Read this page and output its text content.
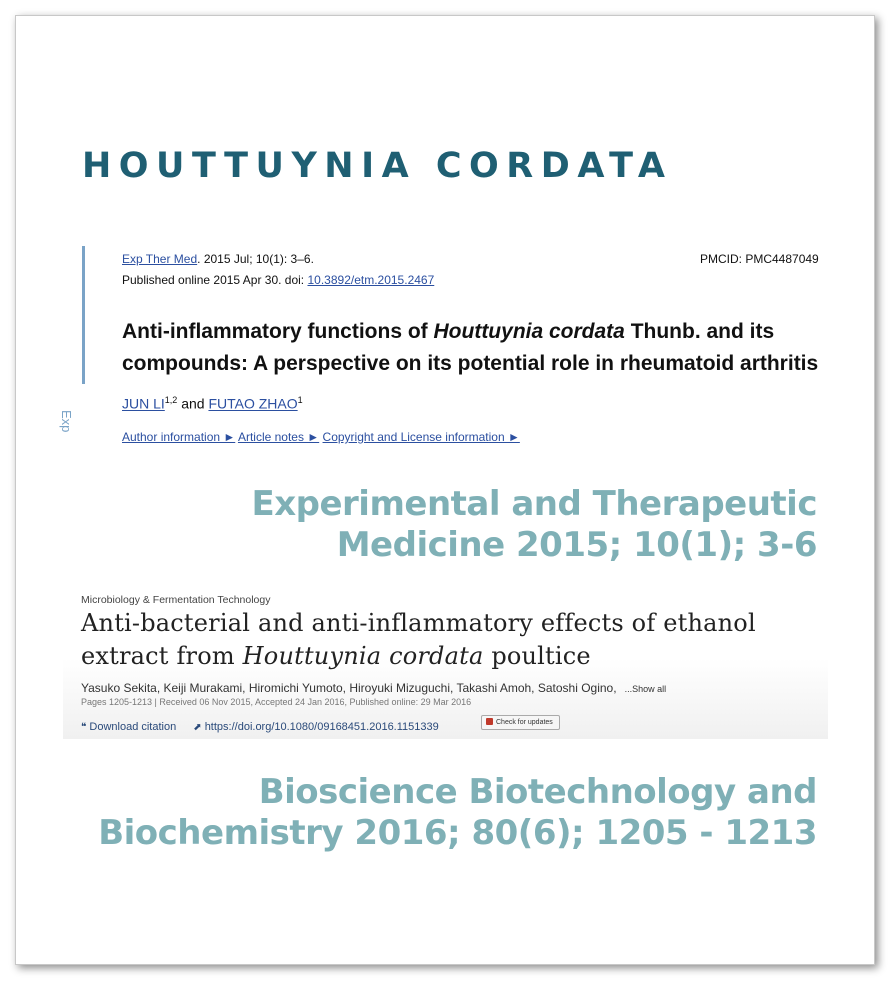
HOUTTUYNIA CORDATA
Exp
Exp Ther Med. 2015 Jul; 10(1): 3–6.	PMCID: PMC4487049
Published online 2015 Apr 30. doi: 10.3892/etm.2015.2467
Anti-inflammatory functions of Houttuynia cordata Thunb. and its compounds: A perspective on its potential role in rheumatoid arthritis
JUN LI$^{1,2}$ and FUTAO ZHAO$^1$
Author information ► Article notes ► Copyright and License information ►
Experimental and Therapeutic
Medicine 2015; 10(1); 3-6
Microbiology & Fermentation Technology
Anti-bacterial and anti-inflammatory effects of ethanol extract from Houttuynia cordata poultice
Yasuko Sekita, Keiji Murakami, Hiromichi Yumoto, Hiroyuki Mizuguchi, Takashi Amoh, Satoshi Ogino, ...Show all
Pages 1205-1213 | Received 06 Nov 2015, Accepted 24 Jan 2016, Published online: 29 Mar 2016
❝ Download citation ⬈ https://doi.org/10.1080/09168451.2016.1151339	Check for updates
Bioscience Biotechnology and
Biochemistry 2016; 80(6); 1205 - 1213
